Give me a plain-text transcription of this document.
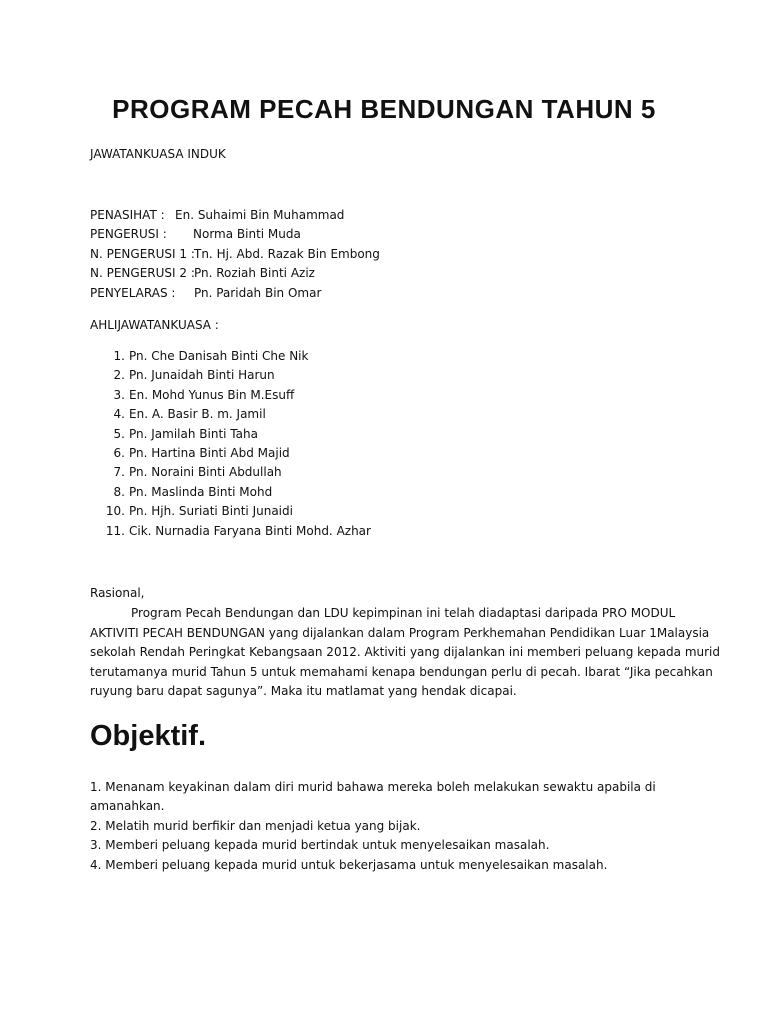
PROGRAM PECAH BENDUNGAN TAHUN 5
JAWATANKUASA INDUK
PENASIHAT : En. Suhaimi Bin Muhammad
PENGERUSI : Norma Binti Muda
N. PENGERUSI 1 : Tn. Hj. Abd. Razak Bin Embong
N. PENGERUSI 2 : Pn. Roziah Binti Aziz
PENYELARAS : Pn. Paridah Bin Omar
AHLIJAWATANKUASA :
1. Pn. Che Danisah Binti Che Nik
2. Pn. Junaidah Binti Harun
3. En. Mohd Yunus Bin M.Esuff
4. En. A. Basir B. m. Jamil
5. Pn. Jamilah Binti Taha
6. Pn. Hartina Binti Abd Majid
7. Pn. Noraini Binti Abdullah
8. Pn. Maslinda Binti Mohd
10. Pn. Hjh. Suriati Binti Junaidi
11. Cik. Nurnadia Faryana Binti Mohd. Azhar
Rasional,

Program Pecah Bendungan dan LDU kepimpinan ini telah diadaptasi daripada PRO MODUL
AKTIVITI PECAH BENDUNGAN yang dijalankan dalam Program Perkhemahan Pendidikan Luar 1Malaysia
sekolah Rendah Peringkat Kebangsaan 2012. Aktiviti yang dijalankan ini memberi peluang kepada murid
terutamanya murid Tahun 5 untuk memahami kenapa bendungan perlu di pecah. Ibarat “Jika pecahkan
ruyung baru dapat sagunya”. Maka itu matlamat yang hendak dicapai.

Objektif.
1. Menanam keyakinan dalam diri murid bahawa mereka boleh melakukan sewaktu apabila di
amanahkan.
2. Melatih murid berfikir dan menjadi ketua yang bijak.
3. Memberi peluang kepada murid bertindak untuk menyelesaikan masalah.
4. Memberi peluang kepada murid untuk bekerjasama untuk menyelesaikan masalah.
